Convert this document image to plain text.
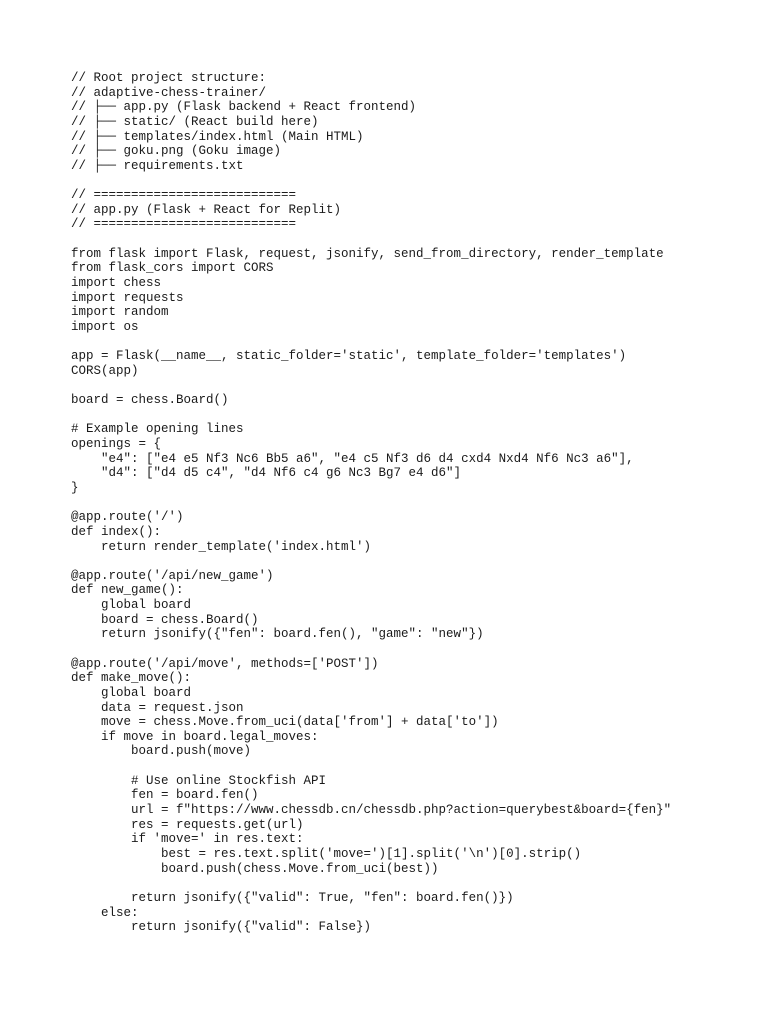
// Root project structure:
// adaptive-chess-trainer/
// ├── app.py (Flask backend + React frontend)
// ├── static/ (React build here)
// ├── templates/index.html (Main HTML)
// ├── goku.png (Goku image)
// ├── requirements.txt
// ===========================
// app.py (Flask + React for Replit)
// ===========================
from flask import Flask, request, jsonify, send_from_directory, render_template
from flask_cors import CORS
import chess
import requests
import random
import os
app = Flask(__name__, static_folder='static', template_folder='templates')
CORS(app)
board = chess.Board()
# Example opening lines
openings = {
"e4": ["e4 e5 Nf3 Nc6 Bb5 a6", "e4 c5 Nf3 d6 d4 cxd4 Nxd4 Nf6 Nc3 a6"],
"d4": ["d4 d5 c4", "d4 Nf6 c4 g6 Nc3 Bg7 e4 d6"]
}
@app.route('/')
def index():
return render_template('index.html')
@app.route('/api/new_game')
def new_game():
global board
board = chess.Board()
return jsonify({"fen": board.fen(), "game": "new"})
@app.route('/api/move', methods=['POST'])
def make_move():
global board
data = request.json
move = chess.Move.from_uci(data['from'] + data['to'])
if move in board.legal_moves:
board.push(move)
# Use online Stockfish API
fen = board.fen()
url = f"https://www.chessdb.cn/chessdb.php?action=querybest&board={fen}"
res = requests.get(url)
if 'move=' in res.text:
best = res.text.split('move=')[1].split('\n')[0].strip()
board.push(chess.Move.from_uci(best))
return jsonify({"valid": True, "fen": board.fen()})
else:
return jsonify({"valid": False})
